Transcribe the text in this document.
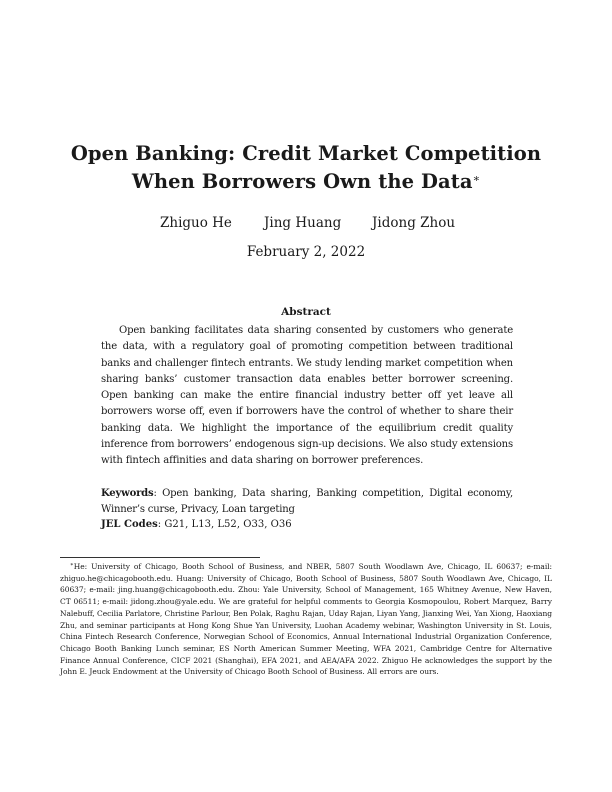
Open Banking: Credit Market Competition
When Borrowers Own the Data∗
Zhiguo He Jing Huang Jidong Zhou
February 2, 2022
Abstract
Open banking facilitates data sharing consented by customers who generate the data, with a regulatory goal of promoting competition between traditional banks and challenger fintech entrants. We study lending market competition when sharing banks’ customer transaction data enables better borrower screening. Open banking can make the entire financial industry better off yet leave all borrowers worse off, even if borrowers have the control of whether to share their banking data. We highlight the importance of the equilibrium credit quality inference from borrowers’ endogenous sign-up decisions. We also study extensions with fintech affinities and data sharing on borrower preferences.
Keywords: Open banking, Data sharing, Banking competition, Digital economy, Winner’s curse, Privacy, Loan targeting
JEL Codes: G21, L13, L52, O33, O36
∗He: University of Chicago, Booth School of Business, and NBER, 5807 South Woodlawn Ave, Chicago, IL 60637; e-mail: zhiguo.he@chicagobooth.edu. Huang: University of Chicago, Booth School of Business, 5807 South Woodlawn Ave, Chicago, IL 60637; e-mail: jing.huang@chicagobooth.edu. Zhou: Yale University, School of Management, 165 Whitney Avenue, New Haven, CT 06511; e-mail: jidong.zhou@yale.edu. We are grateful for helpful comments to Georgia Kosmopoulou, Robert Marquez, Barry Nalebuff, Cecilia Parlatore, Christine Parlour, Ben Polak, Raghu Rajan, Uday Rajan, Liyan Yang, Jianxing Wei, Yan Xiong, Haoxiang Zhu, and seminar participants at Hong Kong Shue Yan University, Luohan Academy webinar, Washington University in St. Louis, China Fintech Research Conference, Norwegian School of Economics, Annual International Industrial Organization Conference, Chicago Booth Banking Lunch seminar, ES North American Summer Meeting, WFA 2021, Cambridge Centre for Alternative Finance Annual Conference, CICF 2021 (Shanghai), EFA 2021, and AEA/AFA 2022. Zhiguo He acknowledges the support by the John E. Jeuck Endowment at the University of Chicago Booth School of Business. All errors are ours.
